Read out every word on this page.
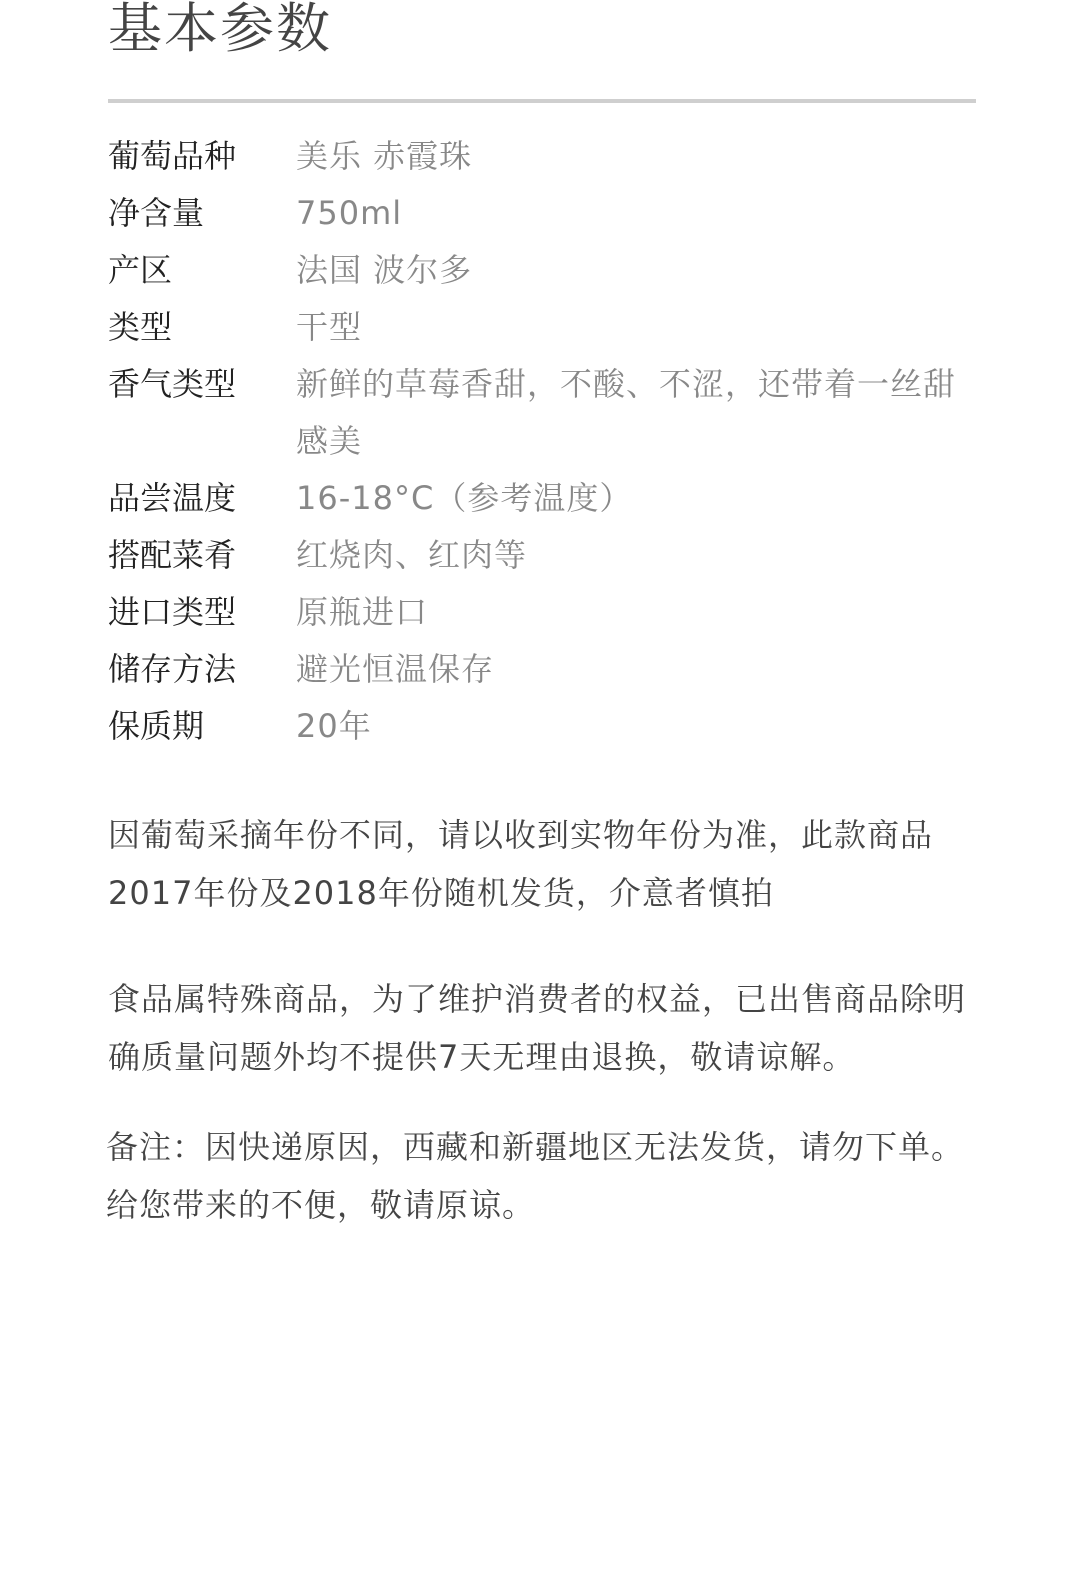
基本参数
葡萄品种	美乐 赤霞珠
净含量	750ml
产区	法国 波尔多
类型	干型
香气类型	新鲜的草莓香甜，不酸、不涩，还带着一丝甜感美
品尝温度	16-18°C（参考温度）
搭配菜肴	红烧肉、红肉等
进口类型	原瓶进口
储存方法	避光恒温保存
保质期	20年

因葡萄采摘年份不同，请以收到实物年份为准，此款商品2017年份及2018年份随机发货，介意者慎拍

食品属特殊商品，为了维护消费者的权益，已出售商品除明确质量问题外均不提供7天无理由退换，敬请谅解。

备注：因快递原因，西藏和新疆地区无法发货，请勿下单。给您带来的不便，敬请原谅。
